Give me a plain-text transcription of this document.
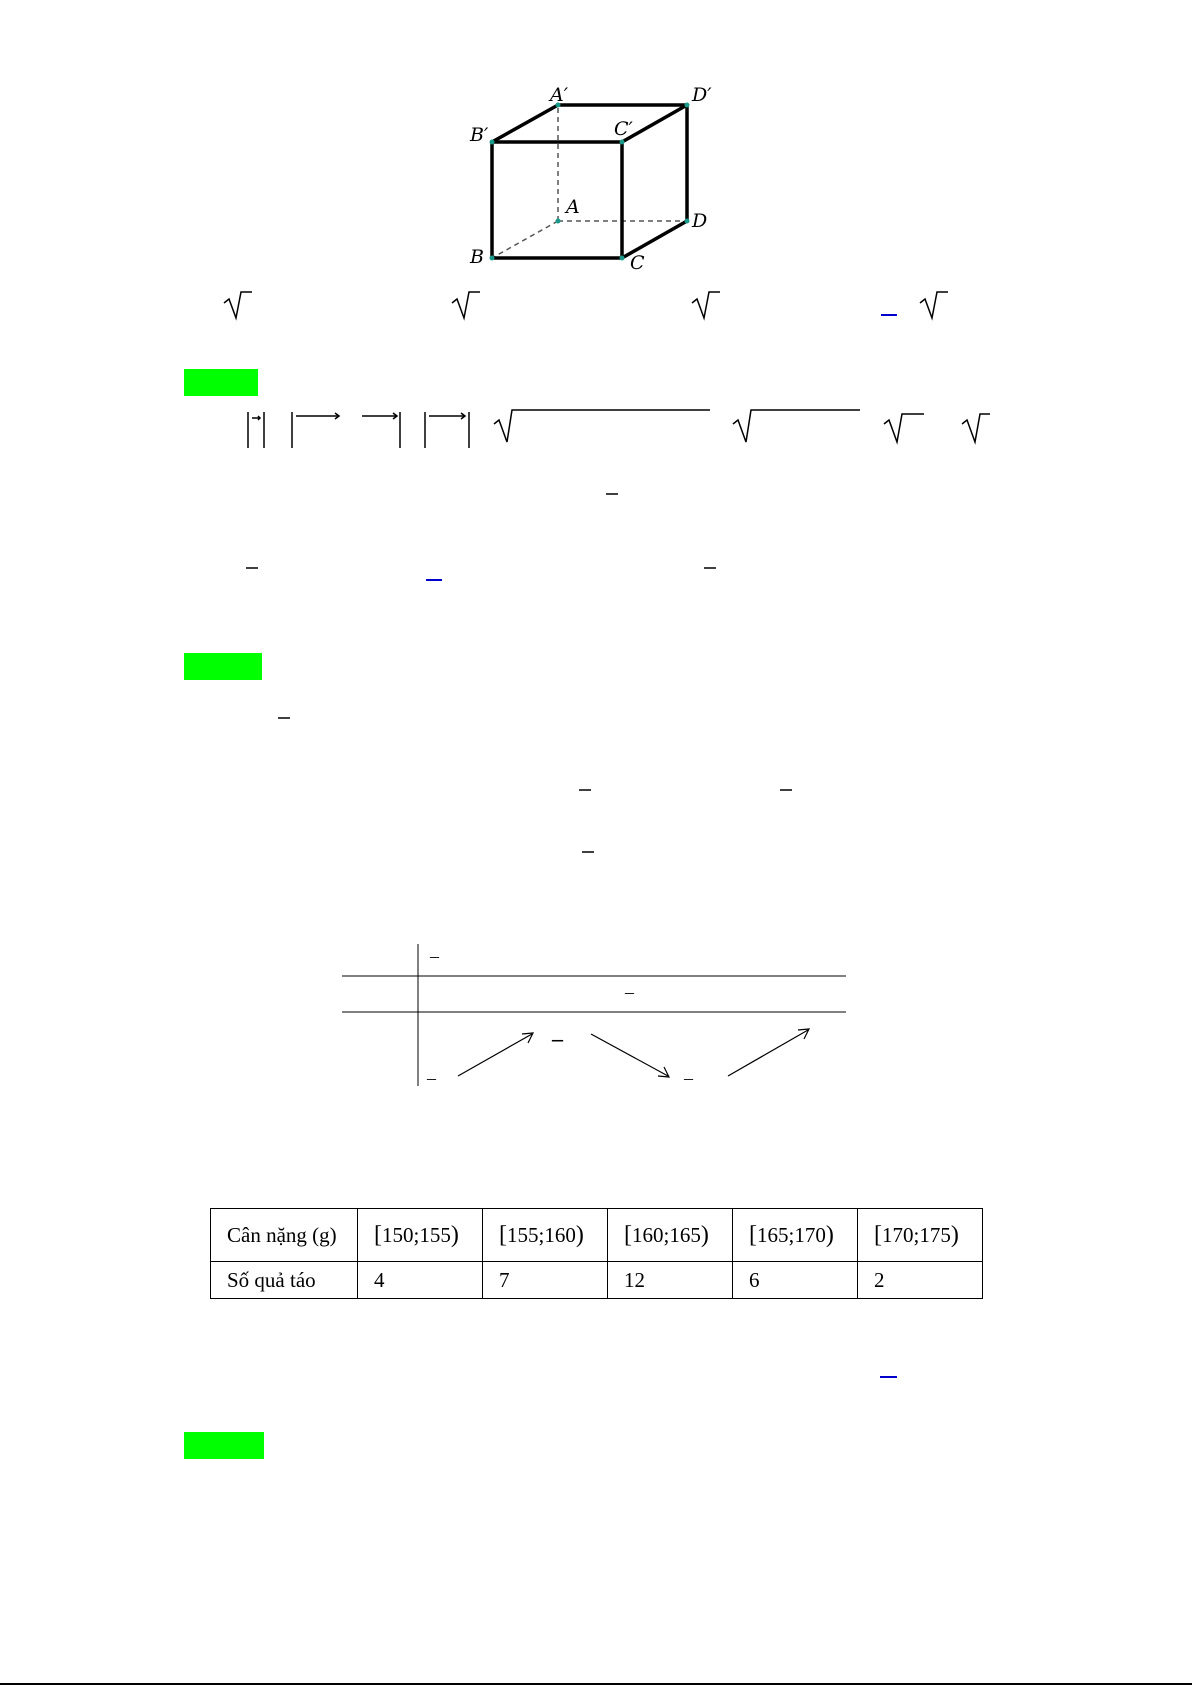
A′	D′
B′	C′
A
D
B	C
–
–
–
–	–
Cân nặng (g)	[150;155)	[155;160)	[160;165)	[165;170)	[170;175)
Số quả táo	4	7	12	6	2
